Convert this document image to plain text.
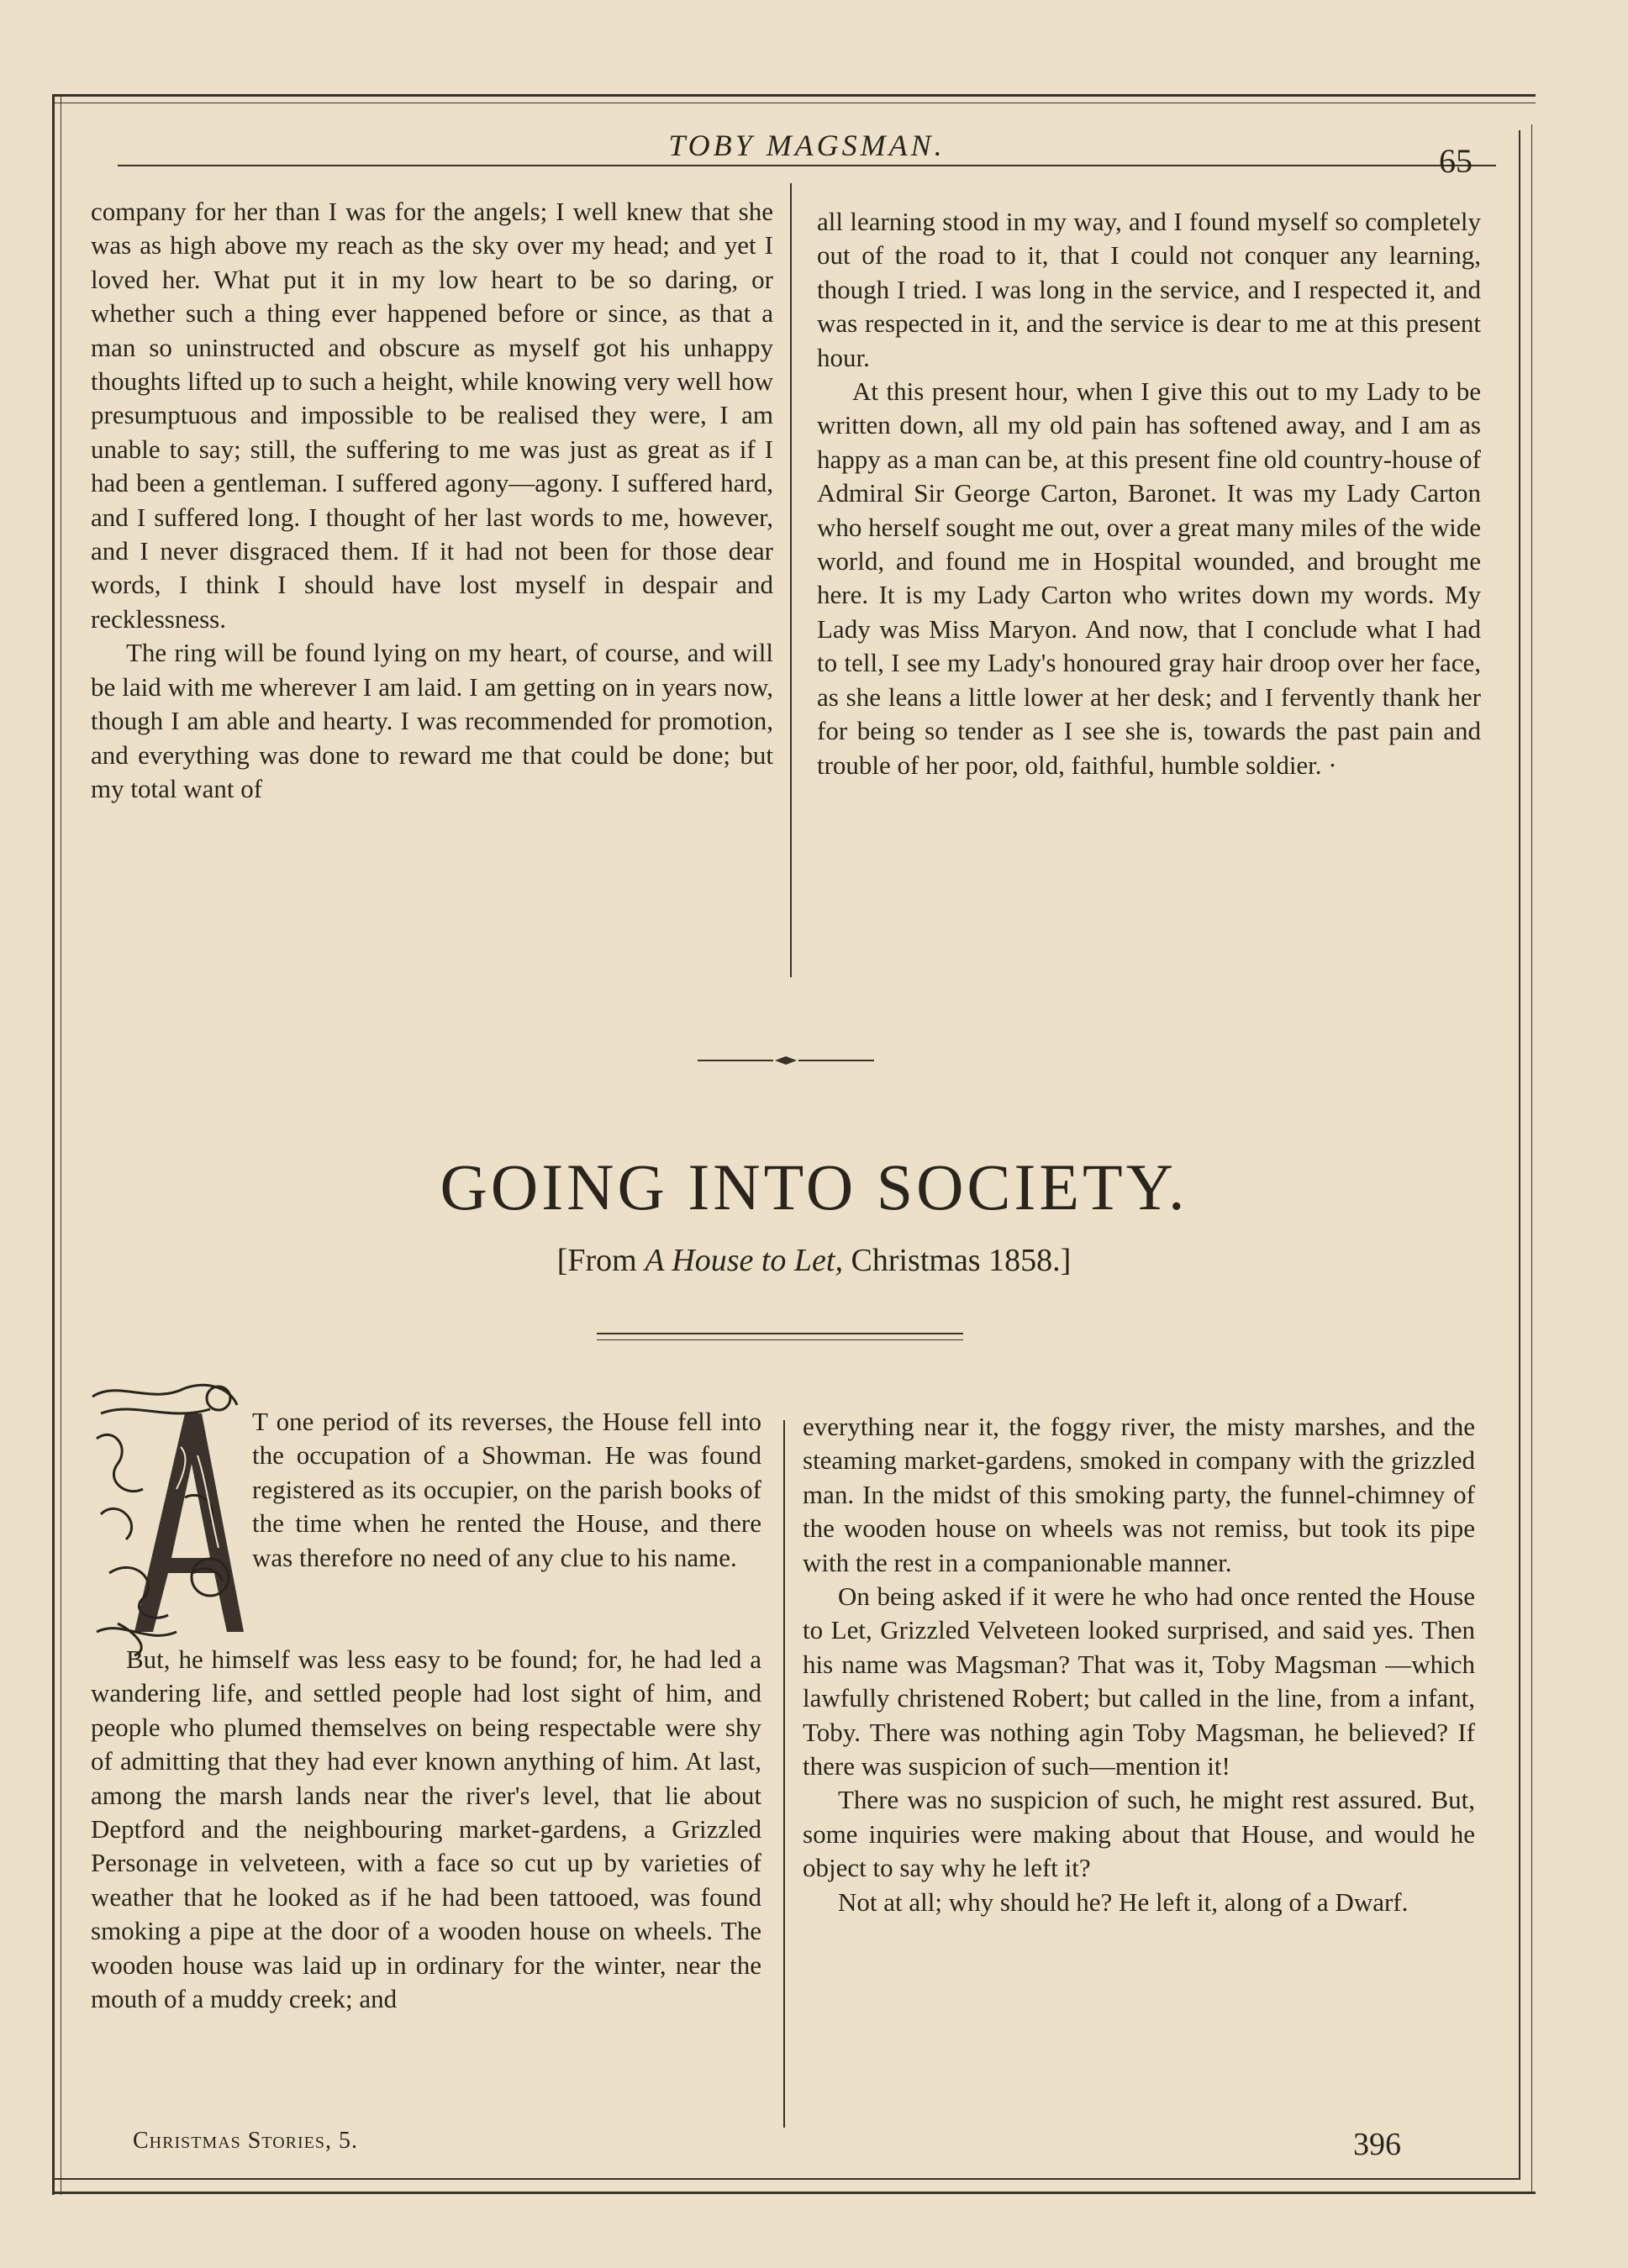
TOBY MAGSMAN.	65

company for her than I was for the angels; I well knew that she was as high above my reach as the sky over my head; and yet I loved her. What put it in my low heart to be so daring, or whether such a thing ever happened before or since, as that a man so uninstructed and obscure as myself got his unhappy thoughts lifted up to such a height, while knowing very well how presumptuous and impossible to be realised they were, I am unable to say; still, the suffering to me was just as great as if I had been a gentleman. I suffered agony—agony. I suffered hard, and I suffered long. I thought of her last words to me, however, and I never disgraced them. If it had not been for those dear words, I think I should have lost myself in despair and recklessness.

The ring will be found lying on my heart, of course, and will be laid with me wherever I am laid. I am getting on in years now, though I am able and hearty. I was recommended for promotion, and everything was done to reward me that could be done; but my total want of

all learning stood in my way, and I found myself so completely out of the road to it, that I could not conquer any learning, though I tried. I was long in the service, and I respected it, and was respected in it, and the service is dear to me at this present hour.

At this present hour, when I give this out to my Lady to be written down, all my old pain has softened away, and I am as happy as a man can be, at this present fine old country-house of Admiral Sir George Carton, Baronet. It was my Lady Carton who herself sought me out, over a great many miles of the wide world, and found me in Hospital wounded, and brought me here. It is my Lady Carton who writes down my words. My Lady was Miss Maryon. And now, that I conclude what I had to tell, I see my Lady's honoured gray hair droop over her face, as she leans a little lower at her desk; and I fervently thank her for being so tender as I see she is, towards the past pain and trouble of her poor, old, faithful, humble soldier. ·

GOING INTO SOCIETY.
[From A House to Let, Christmas 1858.]

T one period of its reverses, the House fell into the occupation of a Showman. He was found registered as its occupier, on the parish books of the time when he rented the House, and there was therefore no need of any clue to his name.

But, he himself was less easy to be found; for, he had led a wandering life, and settled people had lost sight of him, and people who plumed themselves on being respectable were shy of admitting that they had ever known anything of him. At last, among the marsh lands near the river's level, that lie about Deptford and the neighbouring market-gardens, a Grizzled Personage in velveteen, with a face so cut up by varieties of weather that he looked as if he had been tattooed, was found smoking a pipe at the door of a wooden house on wheels. The wooden house was laid up in ordinary for the winter, near the mouth of a muddy creek; and

everything near it, the foggy river, the misty marshes, and the steaming market-gardens, smoked in company with the grizzled man. In the midst of this smoking party, the funnel-chimney of the wooden house on wheels was not remiss, but took its pipe with the rest in a companionable manner.

On being asked if it were he who had once rented the House to Let, Grizzled Velveteen looked surprised, and said yes. Then his name was Magsman? That was it, Toby Magsman —which lawfully christened Robert; but called in the line, from a infant, Toby. There was nothing agin Toby Magsman, he believed? If there was suspicion of such—mention it!

There was no suspicion of such, he might rest assured. But, some inquiries were making about that House, and would he object to say why he left it?

Not at all; why should he? He left it, along of a Dwarf.

Christmas Stories, 5.	396
